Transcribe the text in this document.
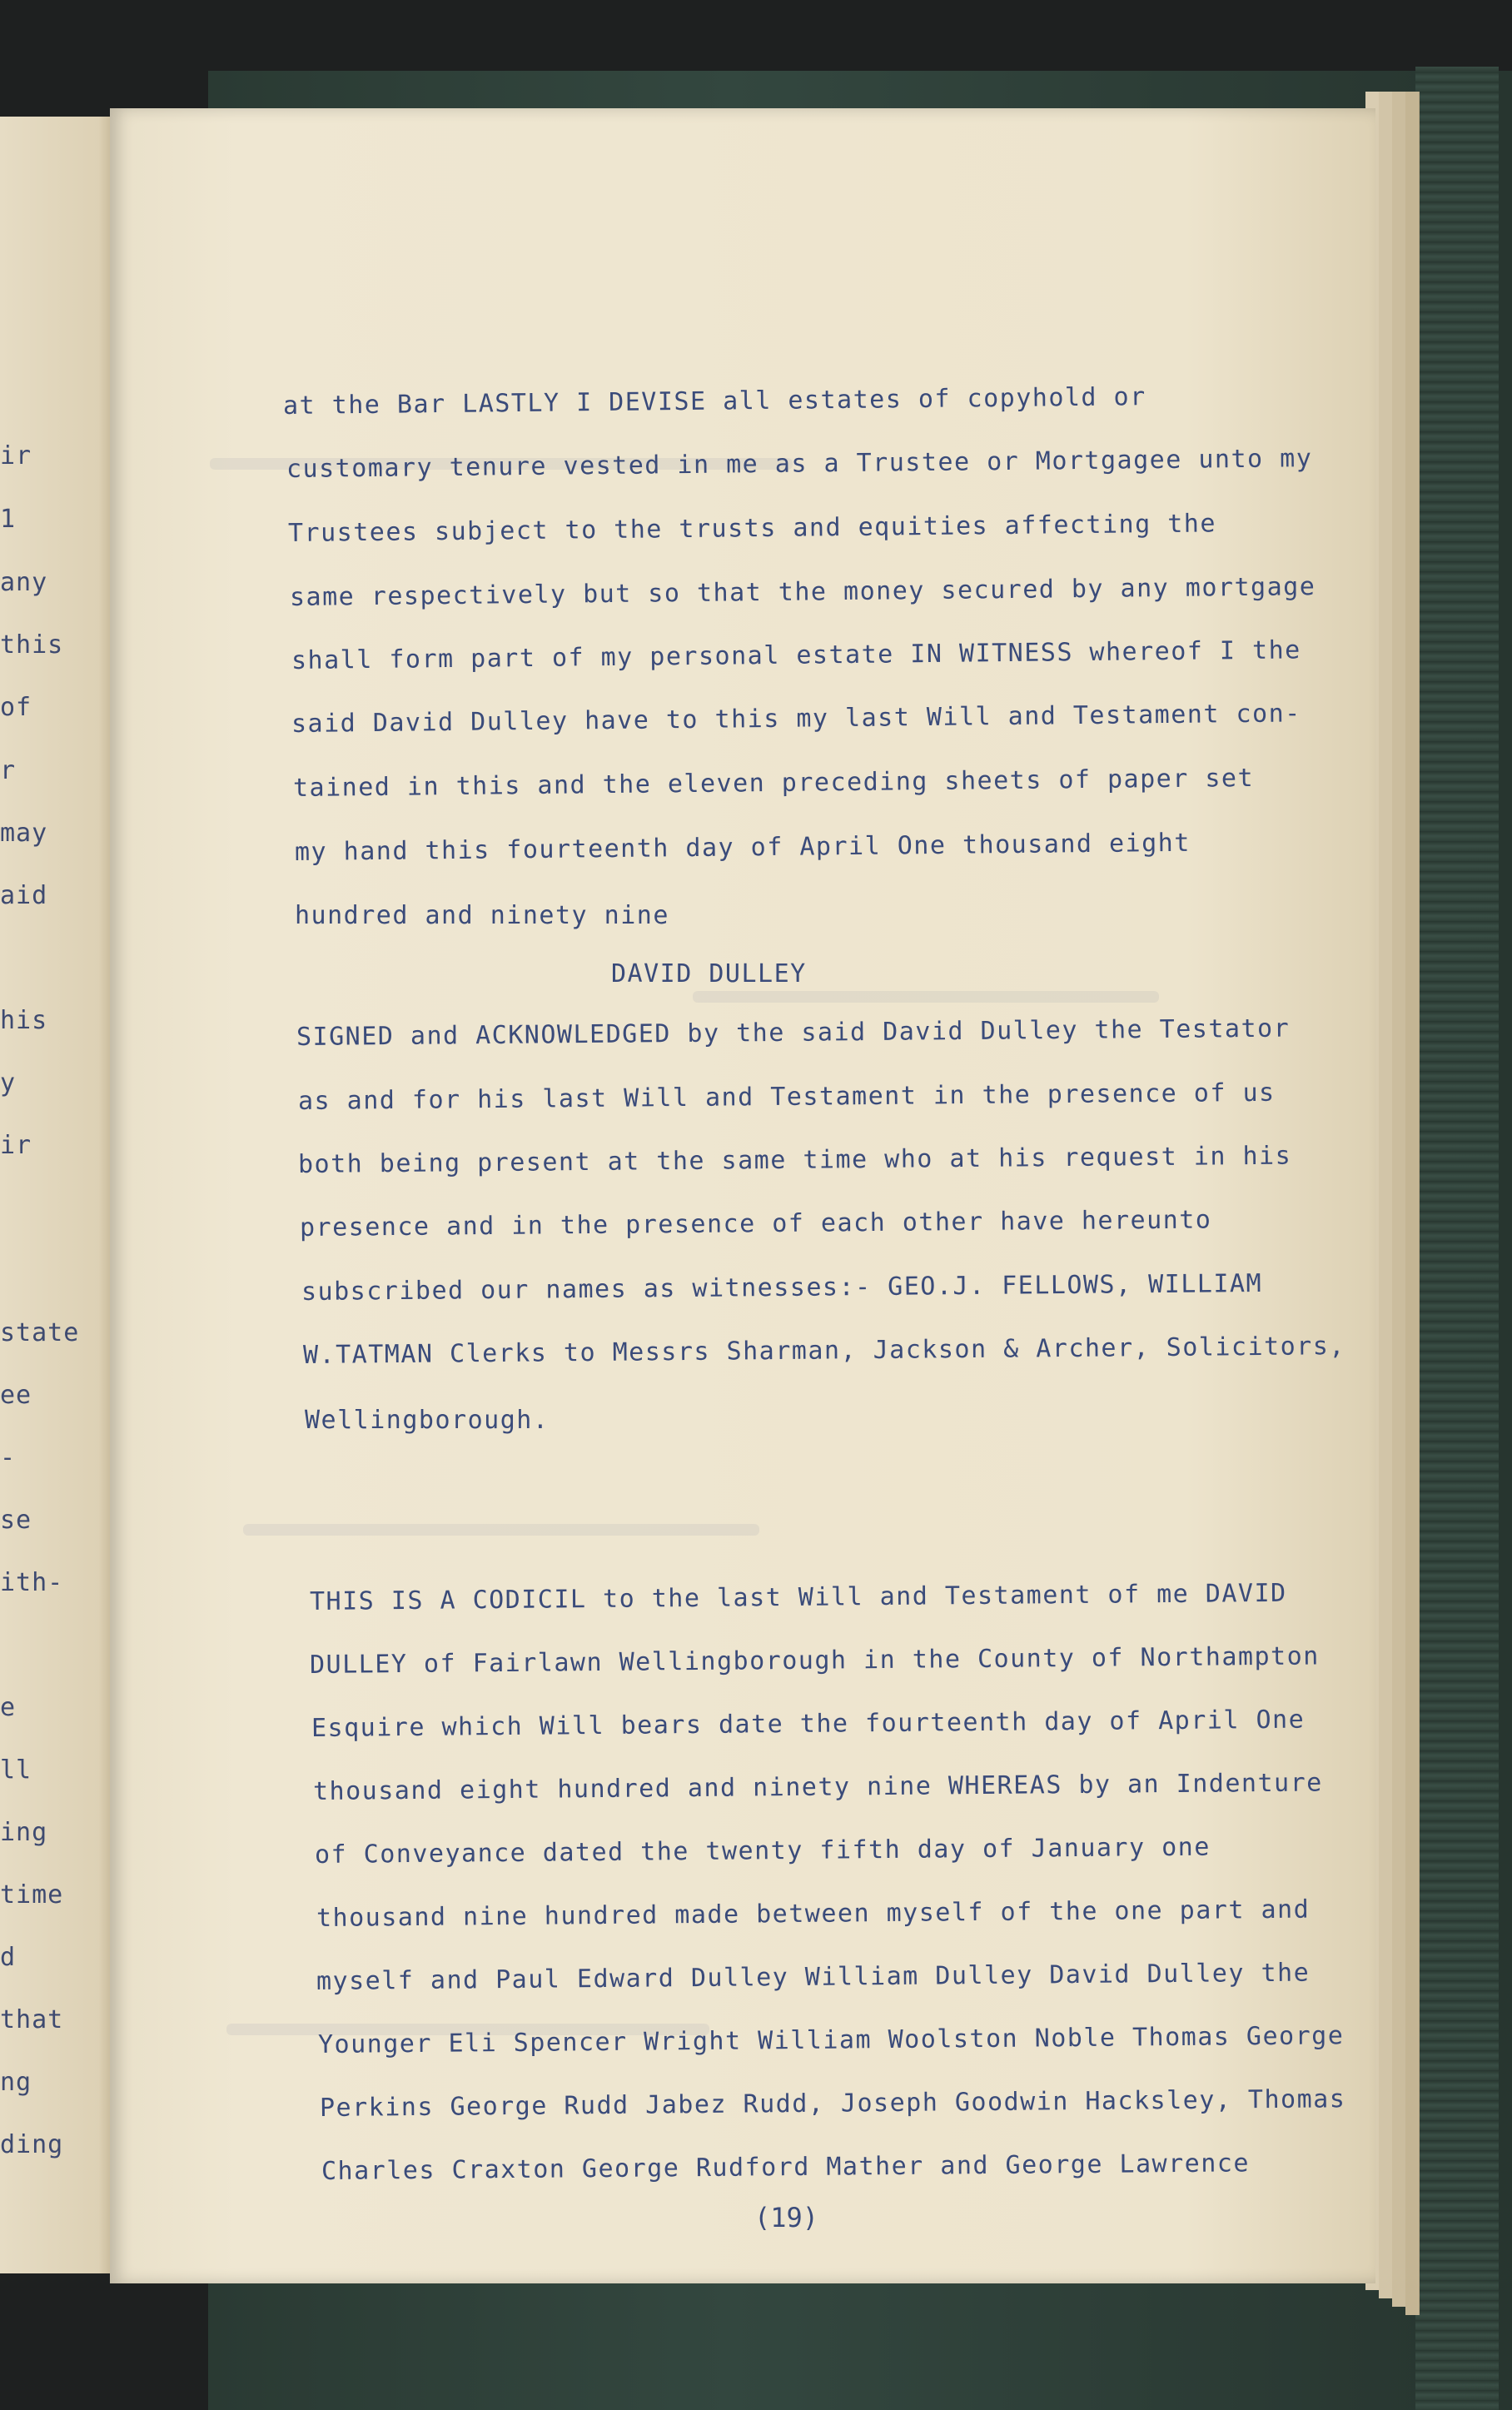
ir
1
any
this
of
r
may
aid
his
y
ir
state
ee
-
se
ith-
e
ll
ing
time
d
that
ng
ding
at the Bar LASTLY I DEVISE all estates of copyhold or
customary tenure vested in me as a Trustee or Mortgagee unto my
Trustees subject to the trusts and equities affecting the
same respectively but so that the money secured by any mortgage
shall form part of my personal estate IN WITNESS whereof I the
said David Dulley have to this my last Will and Testament con-
tained in this and the eleven preceding sheets of paper set
my hand this fourteenth day of April One thousand eight
hundred and ninety nine
DAVID DULLEY
SIGNED and ACKNOWLEDGED by the said David Dulley the Testator
as and for his last Will and Testament in the presence of us
both being present at the same time who at his request in his
presence and in the presence of each other have hereunto
subscribed our names as witnesses:- GEO.J. FELLOWS, WILLIAM
W.TATMAN Clerks to Messrs Sharman, Jackson & Archer, Solicitors,
Wellingborough.
THIS IS A CODICIL to the last Will and Testament of me DAVID
DULLEY of Fairlawn Wellingborough in the County of Northampton
Esquire which Will bears date the fourteenth day of April One
thousand eight hundred and ninety nine WHEREAS by an Indenture
of Conveyance dated the twenty fifth day of January one
thousand nine hundred made between myself of the one part and
myself and Paul Edward Dulley William Dulley David Dulley the
Younger Eli Spencer Wright William Woolston Noble Thomas George
Perkins George Rudd Jabez Rudd, Joseph Goodwin Hacksley, Thomas
Charles Craxton George Rudford Mather and George Lawrence
(19)
